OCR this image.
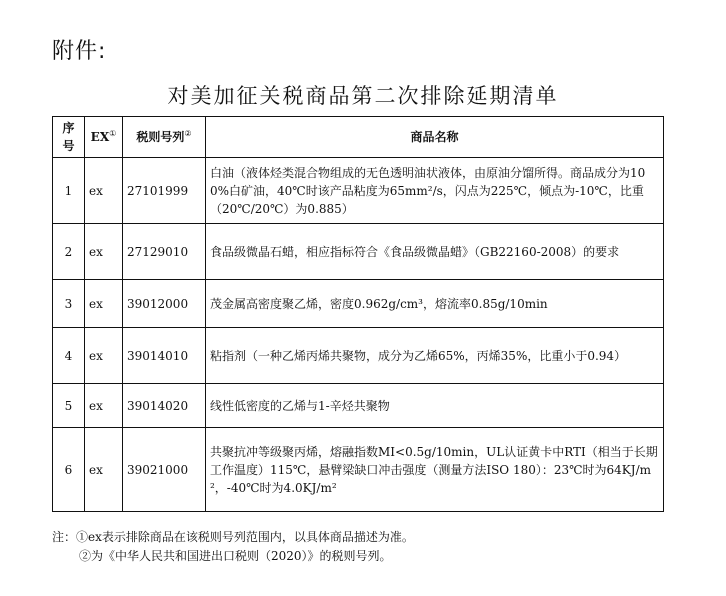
附件:
对美加征关税商品第二次排除延期清单
序号	EX①	税则号列②	商品名称
1	ex	27101999	白油（液体烃类混合物组成的无色透明油状液体，由原油分馏所得。商品成分为100%白矿油，40℃时该产品粘度为65mm²/s，闪点为225℃，倾点为-10℃，比重（20℃/20℃）为0.885）
2	ex	27129010	食品级微晶石蜡，相应指标符合《食品级微晶蜡》（GB22160-2008）的要求
3	ex	39012000	茂金属高密度聚乙烯，密度0.962g/cm³，熔流率0.85g/10min
4	ex	39014010	粘指剂（一种乙烯丙烯共聚物，成分为乙烯65%，丙烯35%，比重小于0.94）
5	ex	39014020	线性低密度的乙烯与1-辛烃共聚物
6	ex	39021000	共聚抗冲等级聚丙烯，熔融指数MI<0.5g/10min，UL认证黄卡中RTI（相当于长期工作温度）115℃，悬臂梁缺口冲击强度（测量方法ISO 180）：23℃时为64KJ/m²，-40℃时为4.0KJ/m²
注：①ex表示排除商品在该税则号列范围内，以具体商品描述为准。
②为《中华人民共和国进出口税则（2020）》的税则号列。
